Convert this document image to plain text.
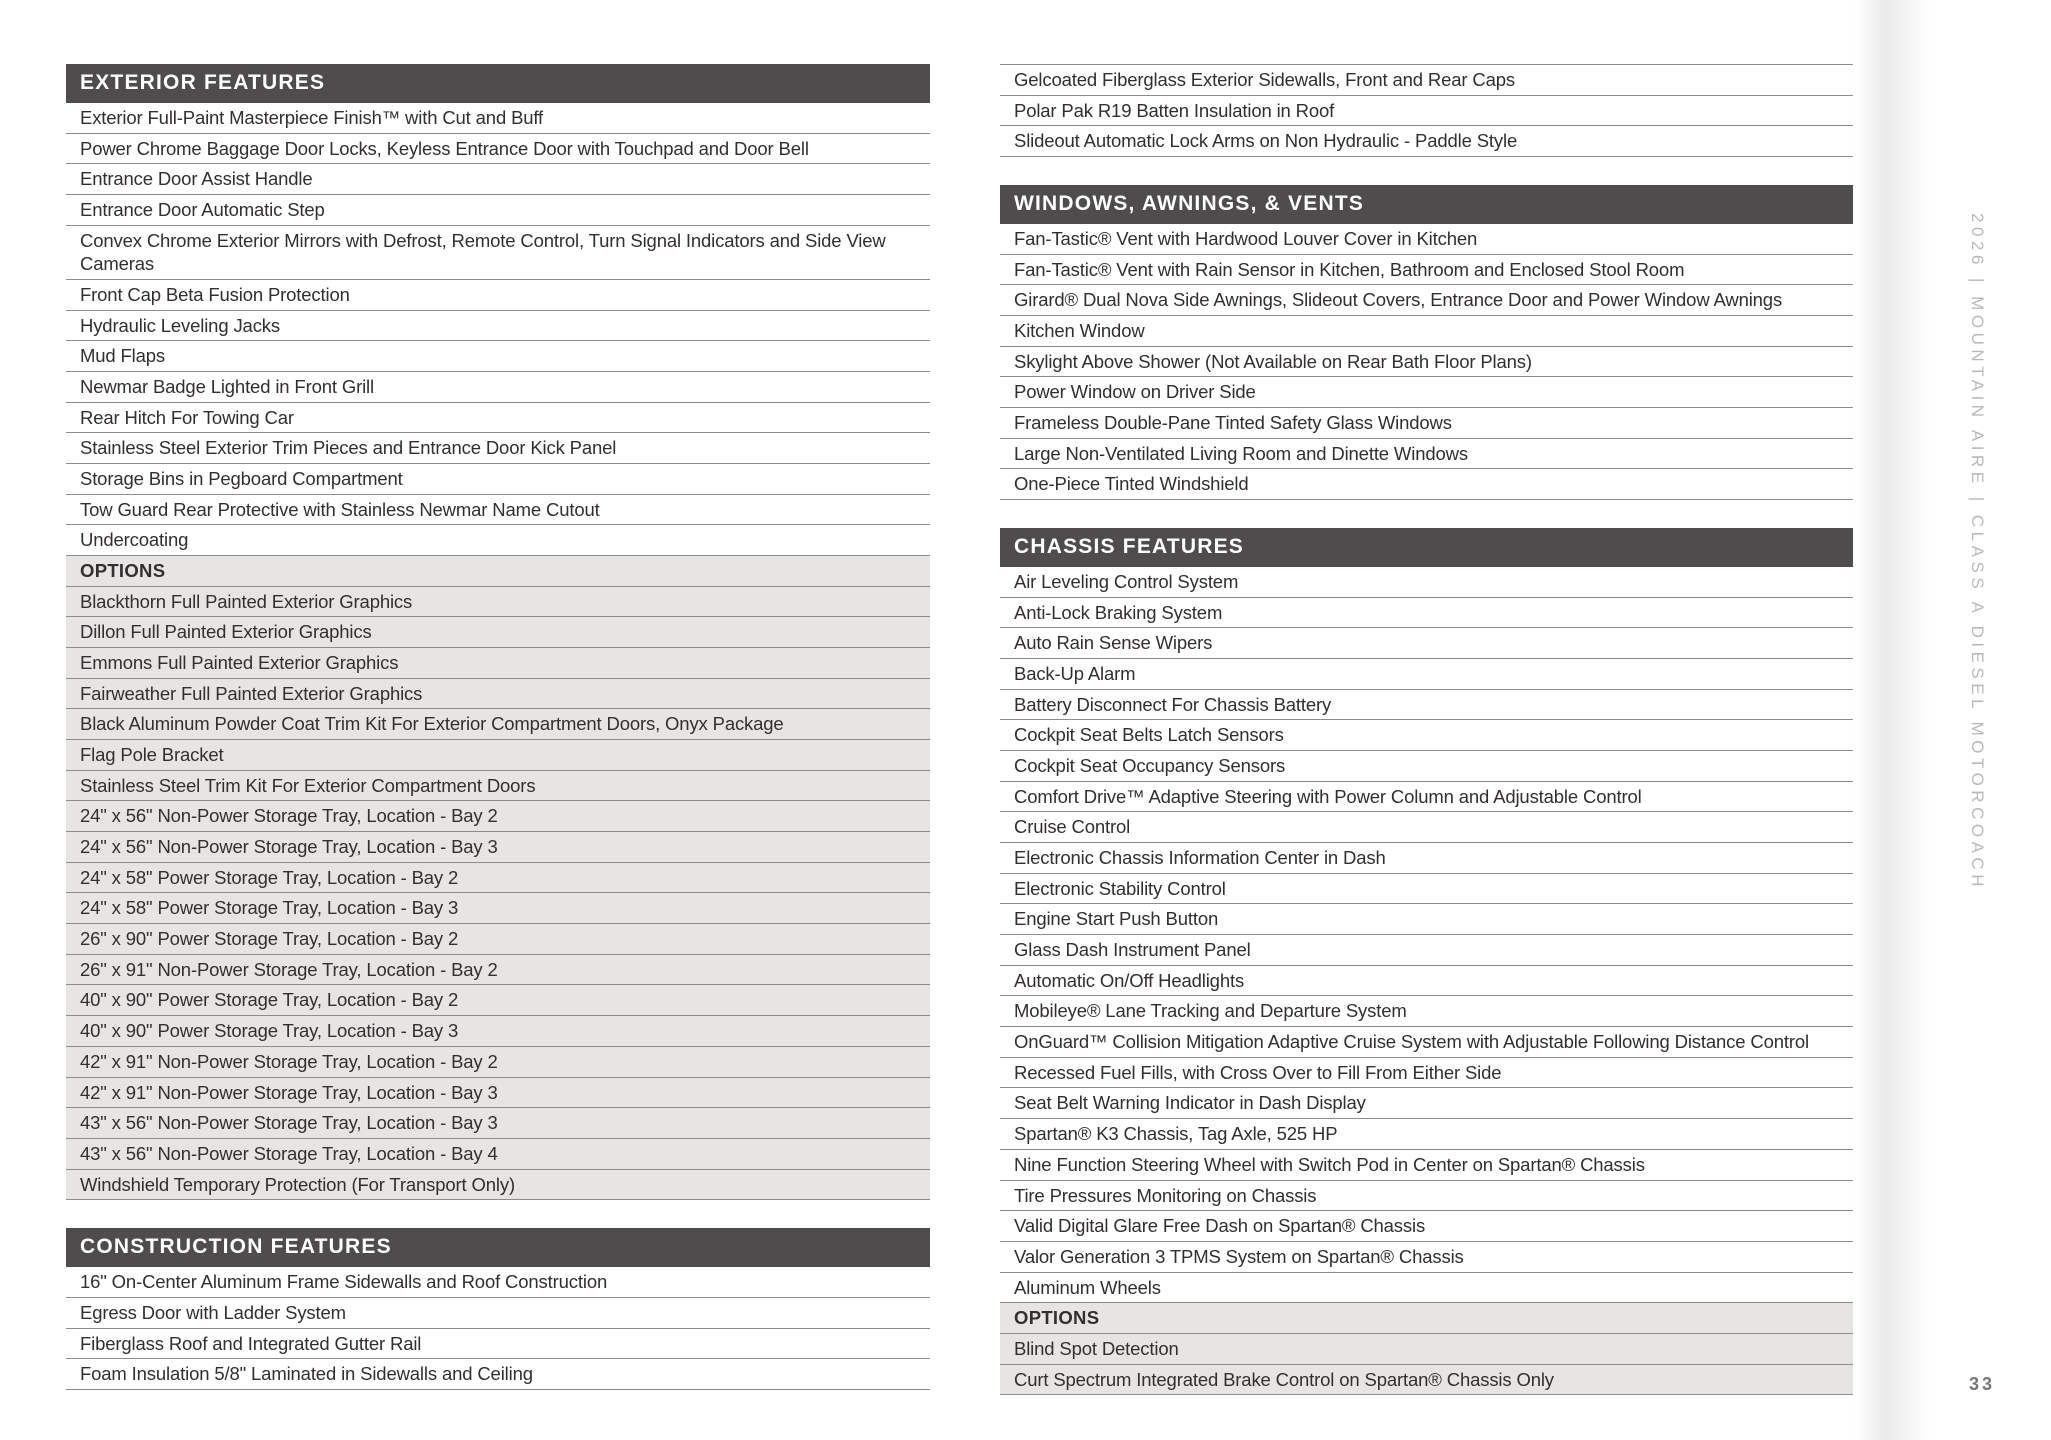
EXTERIOR FEATURES
Exterior Full-Paint Masterpiece Finish™ with Cut and Buff
Power Chrome Baggage Door Locks, Keyless Entrance Door with Touchpad and Door Bell
Entrance Door Assist Handle
Entrance Door Automatic Step
Convex Chrome Exterior Mirrors with Defrost, Remote Control, Turn Signal Indicators and Side View Cameras
Front Cap Beta Fusion Protection
Hydraulic Leveling Jacks
Mud Flaps
Newmar Badge Lighted in Front Grill
Rear Hitch For Towing Car
Stainless Steel Exterior Trim Pieces and Entrance Door Kick Panel
Storage Bins in Pegboard Compartment
Tow Guard Rear Protective with Stainless Newmar Name Cutout
Undercoating
OPTIONS
Blackthorn Full Painted Exterior Graphics
Dillon Full Painted Exterior Graphics
Emmons Full Painted Exterior Graphics
Fairweather Full Painted Exterior Graphics
Black Aluminum Powder Coat Trim Kit For Exterior Compartment Doors, Onyx Package
Flag Pole Bracket
Stainless Steel Trim Kit For Exterior Compartment Doors
24" x 56" Non-Power Storage Tray, Location - Bay 2
24" x 56" Non-Power Storage Tray, Location - Bay 3
24" x 58" Power Storage Tray, Location - Bay 2
24" x 58" Power Storage Tray, Location - Bay 3
26" x 90" Power Storage Tray, Location - Bay 2
26" x 91" Non-Power Storage Tray, Location - Bay 2
40" x 90" Power Storage Tray, Location - Bay 2
40" x 90" Power Storage Tray, Location - Bay 3
42" x 91" Non-Power Storage Tray, Location - Bay 2
42" x 91" Non-Power Storage Tray, Location - Bay 3
43" x 56" Non-Power Storage Tray, Location - Bay 3
43" x 56" Non-Power Storage Tray, Location - Bay 4
Windshield Temporary Protection (For Transport Only)
CONSTRUCTION FEATURES
16" On-Center Aluminum Frame Sidewalls and Roof Construction
Egress Door with Ladder System
Fiberglass Roof and Integrated Gutter Rail
Foam Insulation 5/8" Laminated in Sidewalls and Ceiling
Gelcoated Fiberglass Exterior Sidewalls, Front and Rear Caps
Polar Pak R19 Batten Insulation in Roof
Slideout Automatic Lock Arms on Non Hydraulic - Paddle Style
WINDOWS, AWNINGS, & VENTS
Fan-Tastic® Vent with Hardwood Louver Cover in Kitchen
Fan-Tastic® Vent with Rain Sensor in Kitchen, Bathroom and Enclosed Stool Room
Girard® Dual Nova Side Awnings, Slideout Covers, Entrance Door and Power Window Awnings
Kitchen Window
Skylight Above Shower (Not Available on Rear Bath Floor Plans)
Power Window on Driver Side
Frameless Double-Pane Tinted Safety Glass Windows
Large Non-Ventilated Living Room and Dinette Windows
One-Piece Tinted Windshield
CHASSIS FEATURES
Air Leveling Control System
Anti-Lock Braking System
Auto Rain Sense Wipers
Back-Up Alarm
Battery Disconnect For Chassis Battery
Cockpit Seat Belts Latch Sensors
Cockpit Seat Occupancy Sensors
Comfort Drive™ Adaptive Steering with Power Column and Adjustable Control
Cruise Control
Electronic Chassis Information Center in Dash
Electronic Stability Control
Engine Start Push Button
Glass Dash Instrument Panel
Automatic On/Off Headlights
Mobileye® Lane Tracking and Departure System
OnGuard™ Collision Mitigation Adaptive Cruise System with Adjustable Following Distance Control
Recessed Fuel Fills, with Cross Over to Fill From Either Side
Seat Belt Warning Indicator in Dash Display
Spartan® K3 Chassis, Tag Axle, 525 HP
Nine Function Steering Wheel with Switch Pod in Center on Spartan® Chassis
Tire Pressures Monitoring on Chassis
Valid Digital Glare Free Dash on Spartan® Chassis
Valor Generation 3 TPMS System on Spartan® Chassis
Aluminum Wheels
OPTIONS
Blind Spot Detection
Curt Spectrum Integrated Brake Control on Spartan® Chassis Only
2026 | MOUNTAIN AIRE | CLASS A DIESEL MOTORCOACH
33
